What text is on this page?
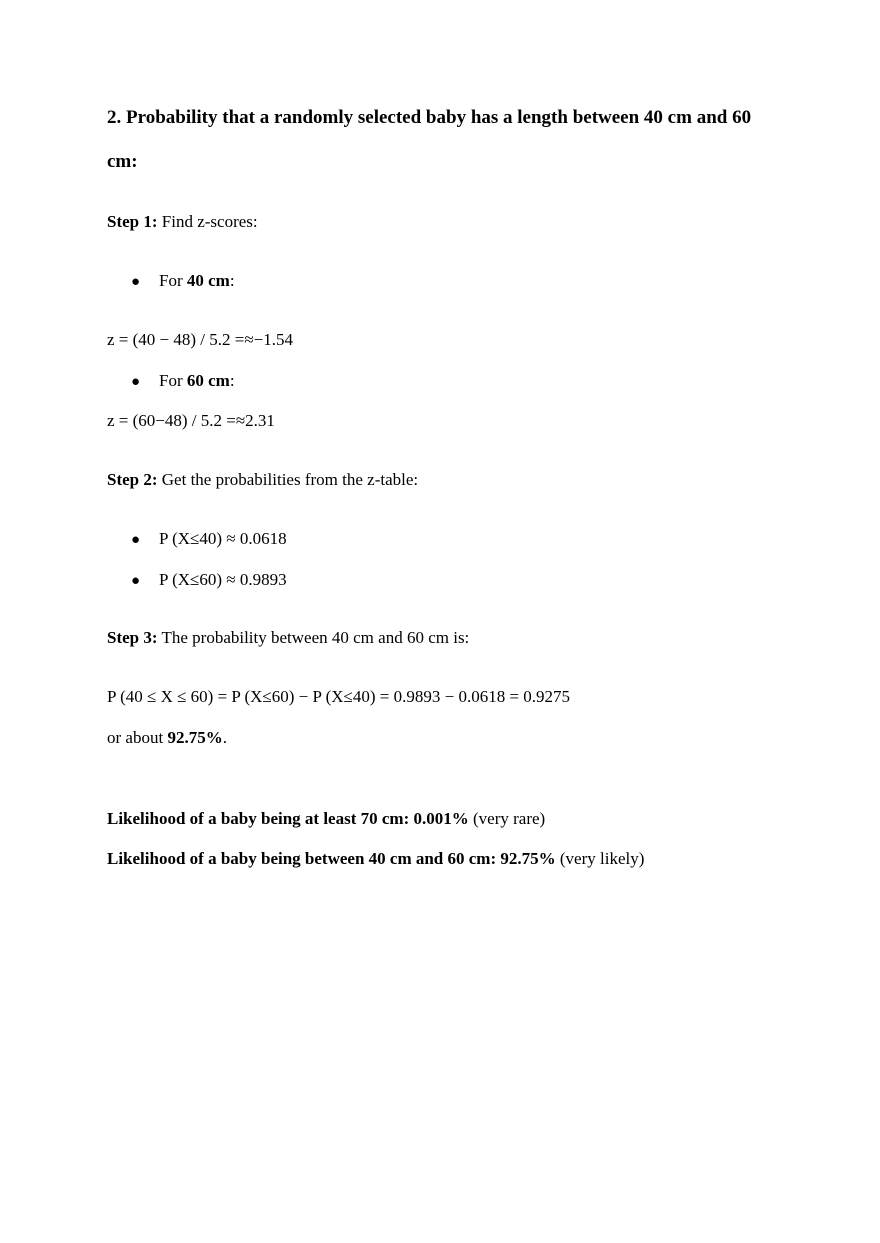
2. Probability that a randomly selected baby has a length between 40 cm and 60
cm:
Step 1: Find z-scores:
● For 40 cm:
z = (40 − 48) / 5.2 =≈−1.54
● For 60 cm:
z = (60−48) / 5.2 =≈2.31
Step 2: Get the probabilities from the z-table:
● P (X≤40) ≈ 0.0618
● P (X≤60) ≈ 0.9893
Step 3: The probability between 40 cm and 60 cm is:
P (40 ≤ X ≤ 60) = P (X≤60) − P (X≤40) = 0.9893 − 0.0618 = 0.9275
or about 92.75%.
Likelihood of a baby being at least 70 cm: 0.001% (very rare)
Likelihood of a baby being between 40 cm and 60 cm: 92.75% (very likely)
